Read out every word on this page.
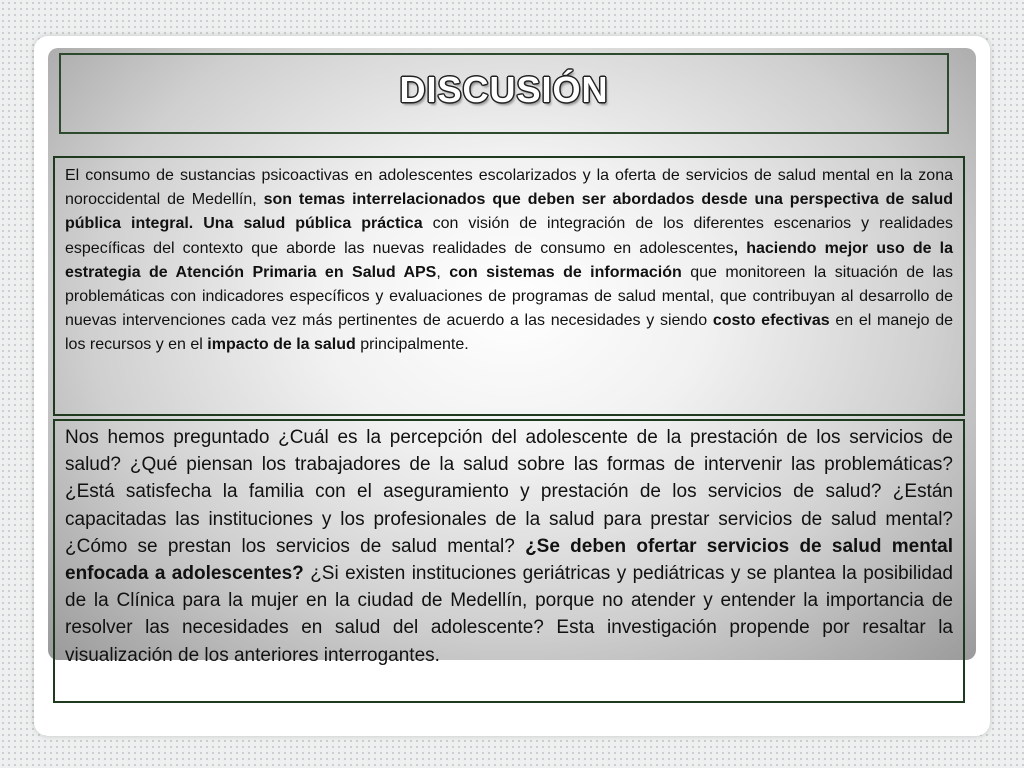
DISCUSIÓN

El consumo de sustancias psicoactivas en adolescentes escolarizados y la oferta de servicios de salud mental en la zona noroccidental de Medellín, son temas interrelacionados que deben ser abordados desde una perspectiva de salud pública integral. Una salud pública práctica con visión de integración de los diferentes escenarios y realidades específicas del contexto que aborde las nuevas realidades de consumo en adolescentes, haciendo mejor uso de la estrategia de Atención Primaria en Salud APS, con sistemas de información que monitoreen la situación de las problemáticas con indicadores específicos y evaluaciones de programas de salud mental, que contribuyan al desarrollo de nuevas intervenciones cada vez más pertinentes de acuerdo a las necesidades y siendo costo efectivas en el manejo de los recursos y en el impacto de la salud principalmente.

Nos hemos preguntado ¿Cuál es la percepción del adolescente de la prestación de los servicios de salud? ¿Qué piensan los trabajadores de la salud sobre las formas de intervenir las problemáticas? ¿Está satisfecha la familia con el aseguramiento y prestación de los servicios de salud? ¿Están capacitadas las instituciones y los profesionales de la salud para prestar servicios de salud mental?¿Cómo se prestan los servicios de salud mental? ¿Se deben ofertar servicios de salud mental enfocada a adolescentes? ¿Si existen instituciones geriátricas y pediátricas y se plantea la posibilidad de la Clínica para la mujer en la ciudad de Medellín, porque no atender y entender la importancia de resolver las necesidades en salud del adolescente? Esta investigación propende por resaltar la visualización de los anteriores interrogantes.
